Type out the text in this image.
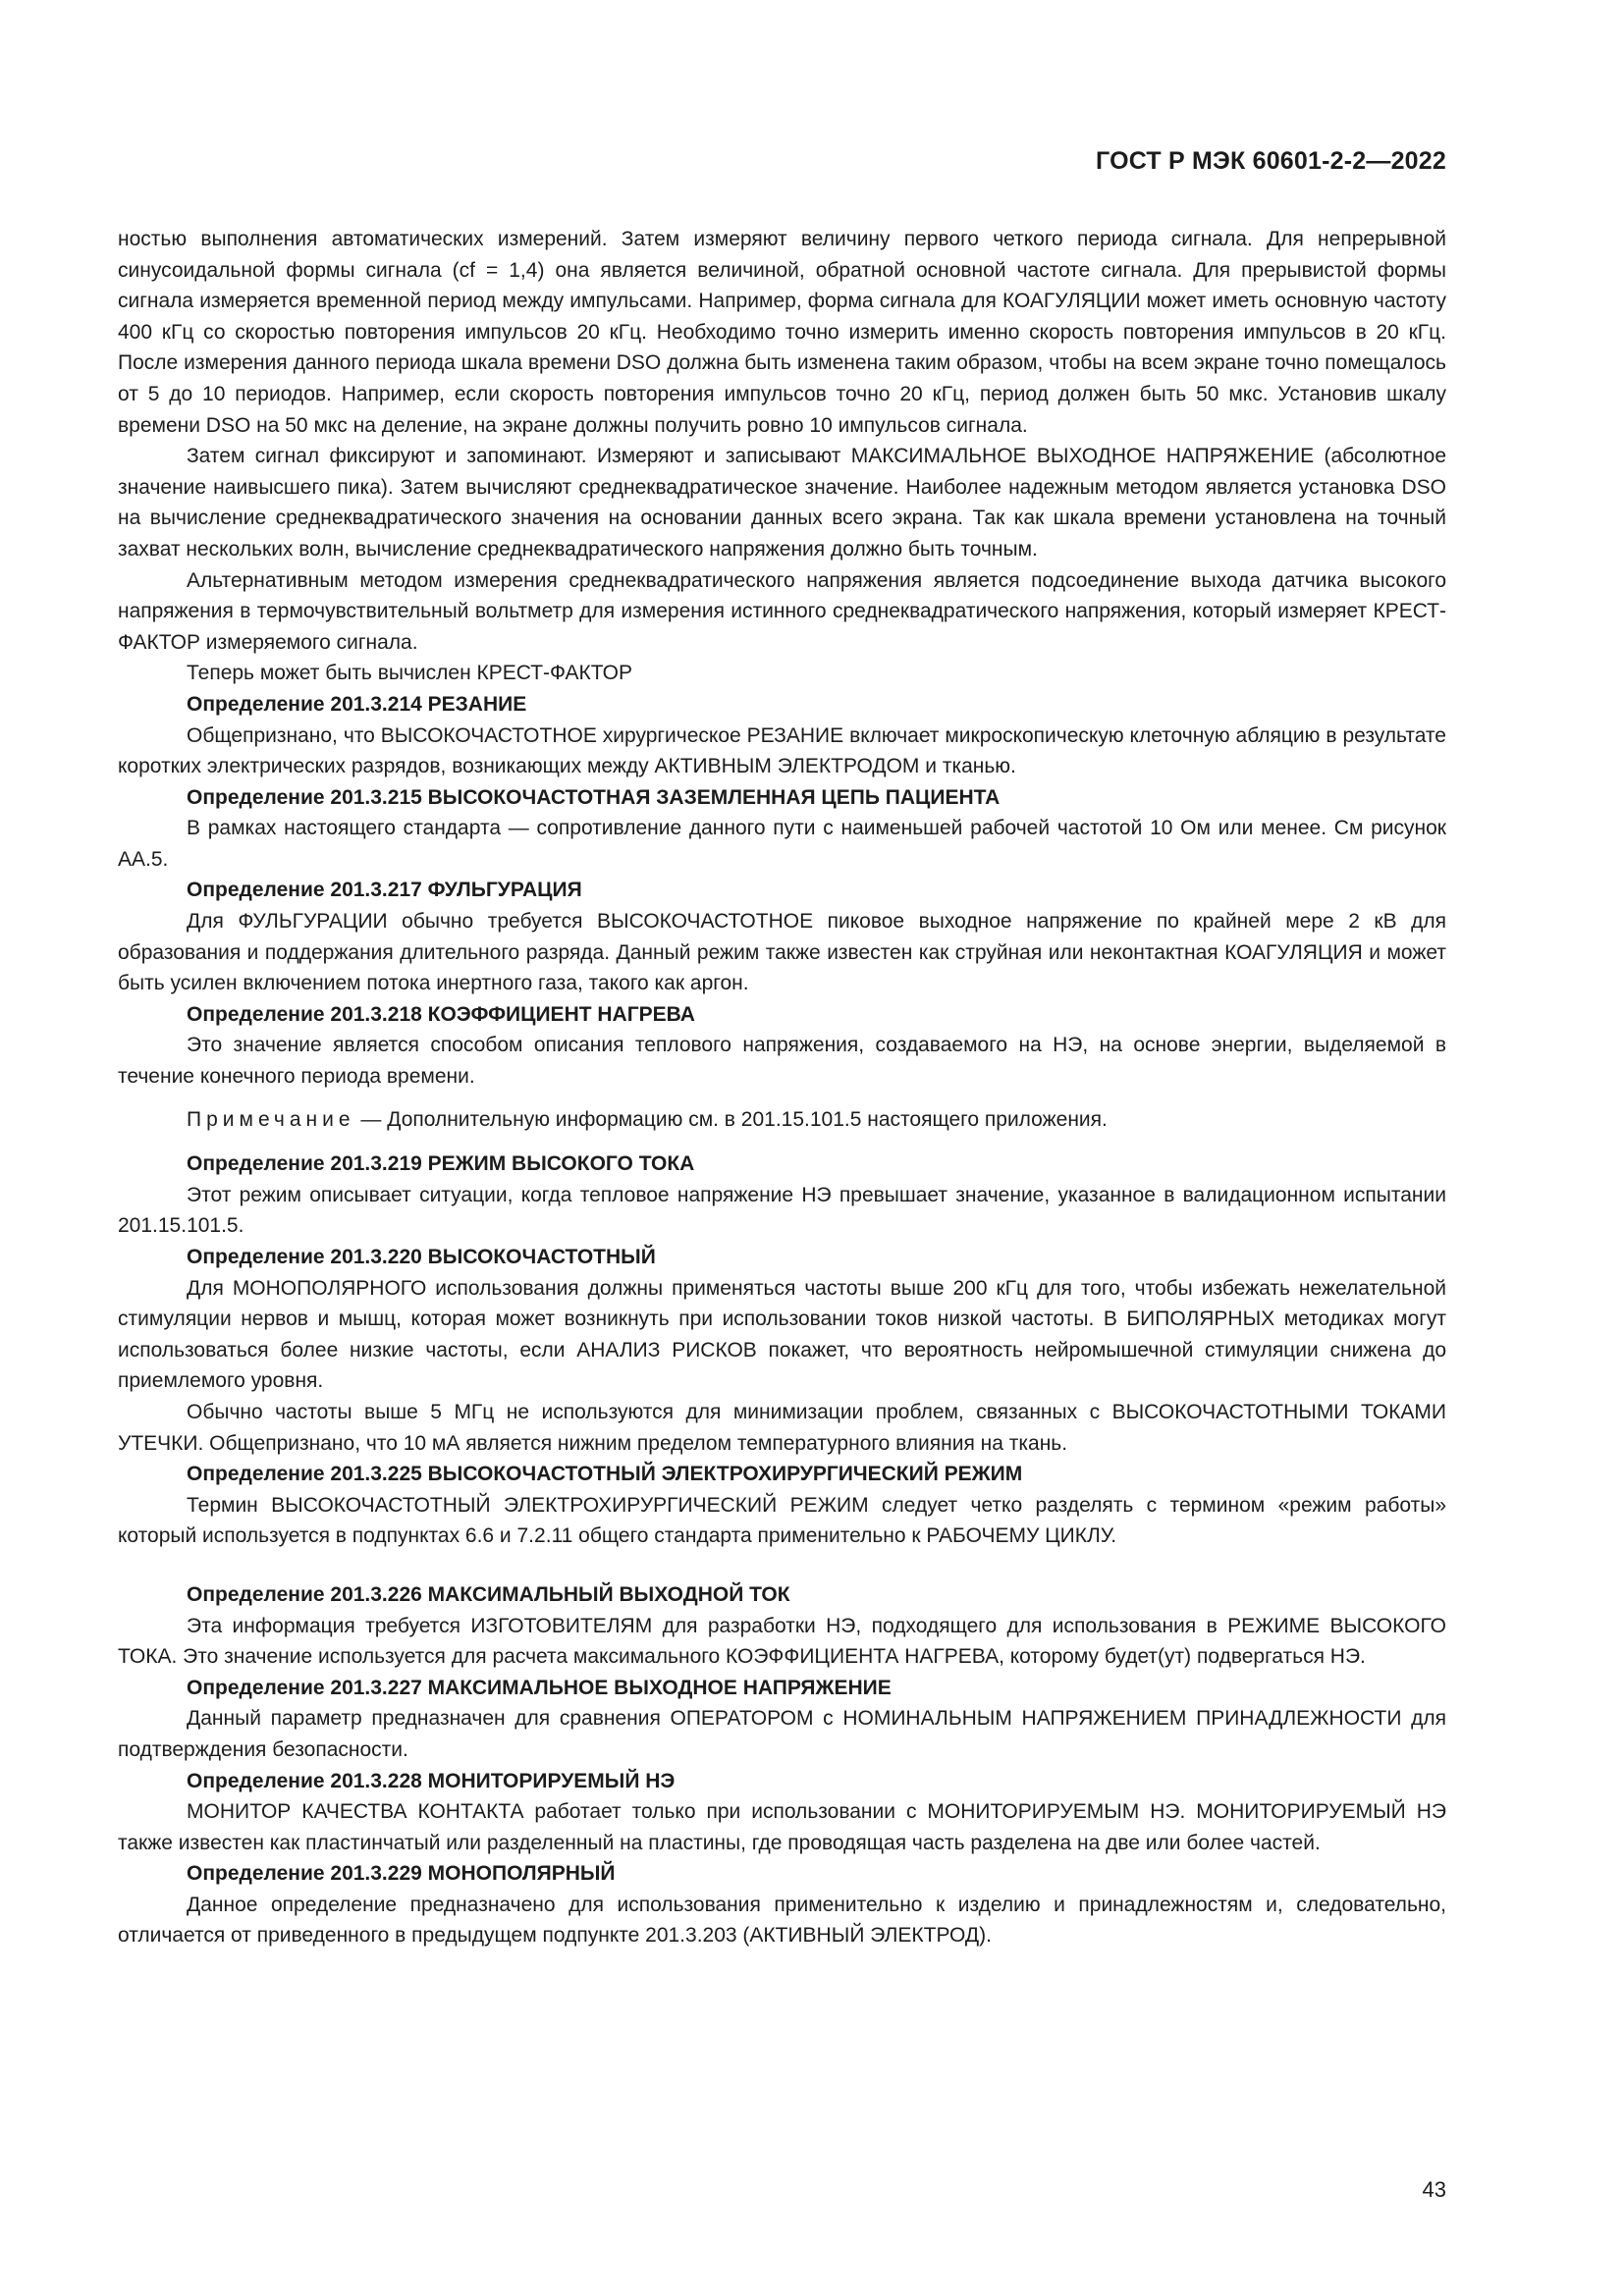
ГОСТ Р МЭК 60601-2-2—2022

ностью выполнения автоматических измерений. Затем измеряют величину первого четкого периода сигнала. Для непрерывной синусоидальной формы сигнала (cf = 1,4) она является величиной, обратной основной частоте сигнала. Для прерывистой формы сигнала измеряется временной период между импульсами. Например, форма сигнала для КОАГУЛЯЦИИ может иметь основную частоту 400 кГц со скоростью повторения импульсов 20 кГц. Необходимо точно измерить именно скорость повторения импульсов в 20 кГц. После измерения данного периода шкала времени DSO должна быть изменена таким образом, чтобы на всем экране точно помещалось от 5 до 10 периодов. Например, если скорость повторения импульсов точно 20 кГц, период должен быть 50 мкс. Установив шкалу времени DSO на 50 мкс на деление, на экране должны получить ровно 10 импульсов сигнала.

Затем сигнал фиксируют и запоминают. Измеряют и записывают МАКСИМАЛЬНОЕ ВЫХОДНОЕ НАПРЯЖЕНИЕ (абсолютное значение наивысшего пика). Затем вычисляют среднеквадратическое значение. Наиболее надежным методом является установка DSO на вычисление среднеквадратического значения на основании данных всего экрана. Так как шкала времени установлена на точный захват нескольких волн, вычисление среднеквадратического напряжения должно быть точным.

Альтернативным методом измерения среднеквадратического напряжения является подсоединение выхода датчика высокого напряжения в термочувствительный вольтметр для измерения истинного среднеквадратического напряжения, который измеряет КРЕСТ-ФАКТОР измеряемого сигнала.

Теперь может быть вычислен КРЕСТ-ФАКТОР

Определение 201.3.214 РЕЗАНИЕ

Общепризнано, что ВЫСОКОЧАСТОТНОЕ хирургическое РЕЗАНИЕ включает микроскопическую клеточную абляцию в результате коротких электрических разрядов, возникающих между АКТИВНЫМ ЭЛЕКТРОДОМ и тканью.

Определение 201.3.215 ВЫСОКОЧАСТОТНАЯ ЗАЗЕМЛЕННАЯ ЦЕПЬ ПАЦИЕНТА

В рамках настоящего стандарта — сопротивление данного пути с наименьшей рабочей частотой 10 Ом или менее. См рисунок АА.5.

Определение 201.3.217 ФУЛЬГУРАЦИЯ

Для ФУЛЬГУРАЦИИ обычно требуется ВЫСОКОЧАСТОТНОЕ пиковое выходное напряжение по крайней мере 2 кВ для образования и поддержания длительного разряда. Данный режим также известен как струйная или неконтактная КОАГУЛЯЦИЯ и может быть усилен включением потока инертного газа, такого как аргон.

Определение 201.3.218 КОЭФФИЦИЕНТ НАГРЕВА

Это значение является способом описания теплового напряжения, создаваемого на НЭ, на основе энергии, выделяемой в течение конечного периода времени.

Примечание — Дополнительную информацию см. в 201.15.101.5 настоящего приложения.

Определение 201.3.219 РЕЖИМ ВЫСОКОГО ТОКА

Этот режим описывает ситуации, когда тепловое напряжение НЭ превышает значение, указанное в валидационном испытании 201.15.101.5.

Определение 201.3.220 ВЫСОКОЧАСТОТНЫЙ

Для МОНОПОЛЯРНОГО использования должны применяться частоты выше 200 кГц для того, чтобы избежать нежелательной стимуляции нервов и мышц, которая может возникнуть при использовании токов низкой частоты. В БИПОЛЯРНЫХ методиках могут использоваться более низкие частоты, если АНАЛИЗ РИСКОВ покажет, что вероятность нейромышечной стимуляции снижена до приемлемого уровня.

Обычно частоты выше 5 МГц не используются для минимизации проблем, связанных с ВЫСОКОЧАСТОТНЫМИ ТОКАМИ УТЕЧКИ. Общепризнано, что 10 мА является нижним пределом температурного влияния на ткань.

Определение 201.3.225 ВЫСОКОЧАСТОТНЫЙ ЭЛЕКТРОХИРУРГИЧЕСКИЙ РЕЖИМ

Термин ВЫСОКОЧАСТОТНЫЙ ЭЛЕКТРОХИРУРГИЧЕСКИЙ РЕЖИМ следует четко разделять с термином «режим работы» который используется в подпунктах 6.6 и 7.2.11 общего стандарта применительно к РАБОЧЕМУ ЦИКЛУ.

Определение 201.3.226 МАКСИМАЛЬНЫЙ ВЫХОДНОЙ ТОК

Эта информация требуется ИЗГОТОВИТЕЛЯМ для разработки НЭ, подходящего для использования в РЕЖИМЕ ВЫСОКОГО ТОКА. Это значение используется для расчета максимального КОЭФФИЦИЕНТА НАГРЕВА, которому будет(ут) подвергаться НЭ.

Определение 201.3.227 МАКСИМАЛЬНОЕ ВЫХОДНОЕ НАПРЯЖЕНИЕ

Данный параметр предназначен для сравнения ОПЕРАТОРОМ с НОМИНАЛЬНЫМ НАПРЯЖЕНИЕМ ПРИНАДЛЕЖНОСТИ для подтверждения безопасности.

Определение 201.3.228 МОНИТОРИРУЕМЫЙ НЭ

МОНИТОР КАЧЕСТВА КОНТАКТА работает только при использовании с МОНИТОРИРУЕМЫМ НЭ. МОНИТОРИРУЕМЫЙ НЭ также известен как пластинчатый или разделенный на пластины, где проводящая часть разделена на две или более частей.

Определение 201.3.229 МОНОПОЛЯРНЫЙ

Данное определение предназначено для использования применительно к изделию и принадлежностям и, следовательно, отличается от приведенного в предыдущем подпункте 201.3.203 (АКТИВНЫЙ ЭЛЕКТРОД).

43
